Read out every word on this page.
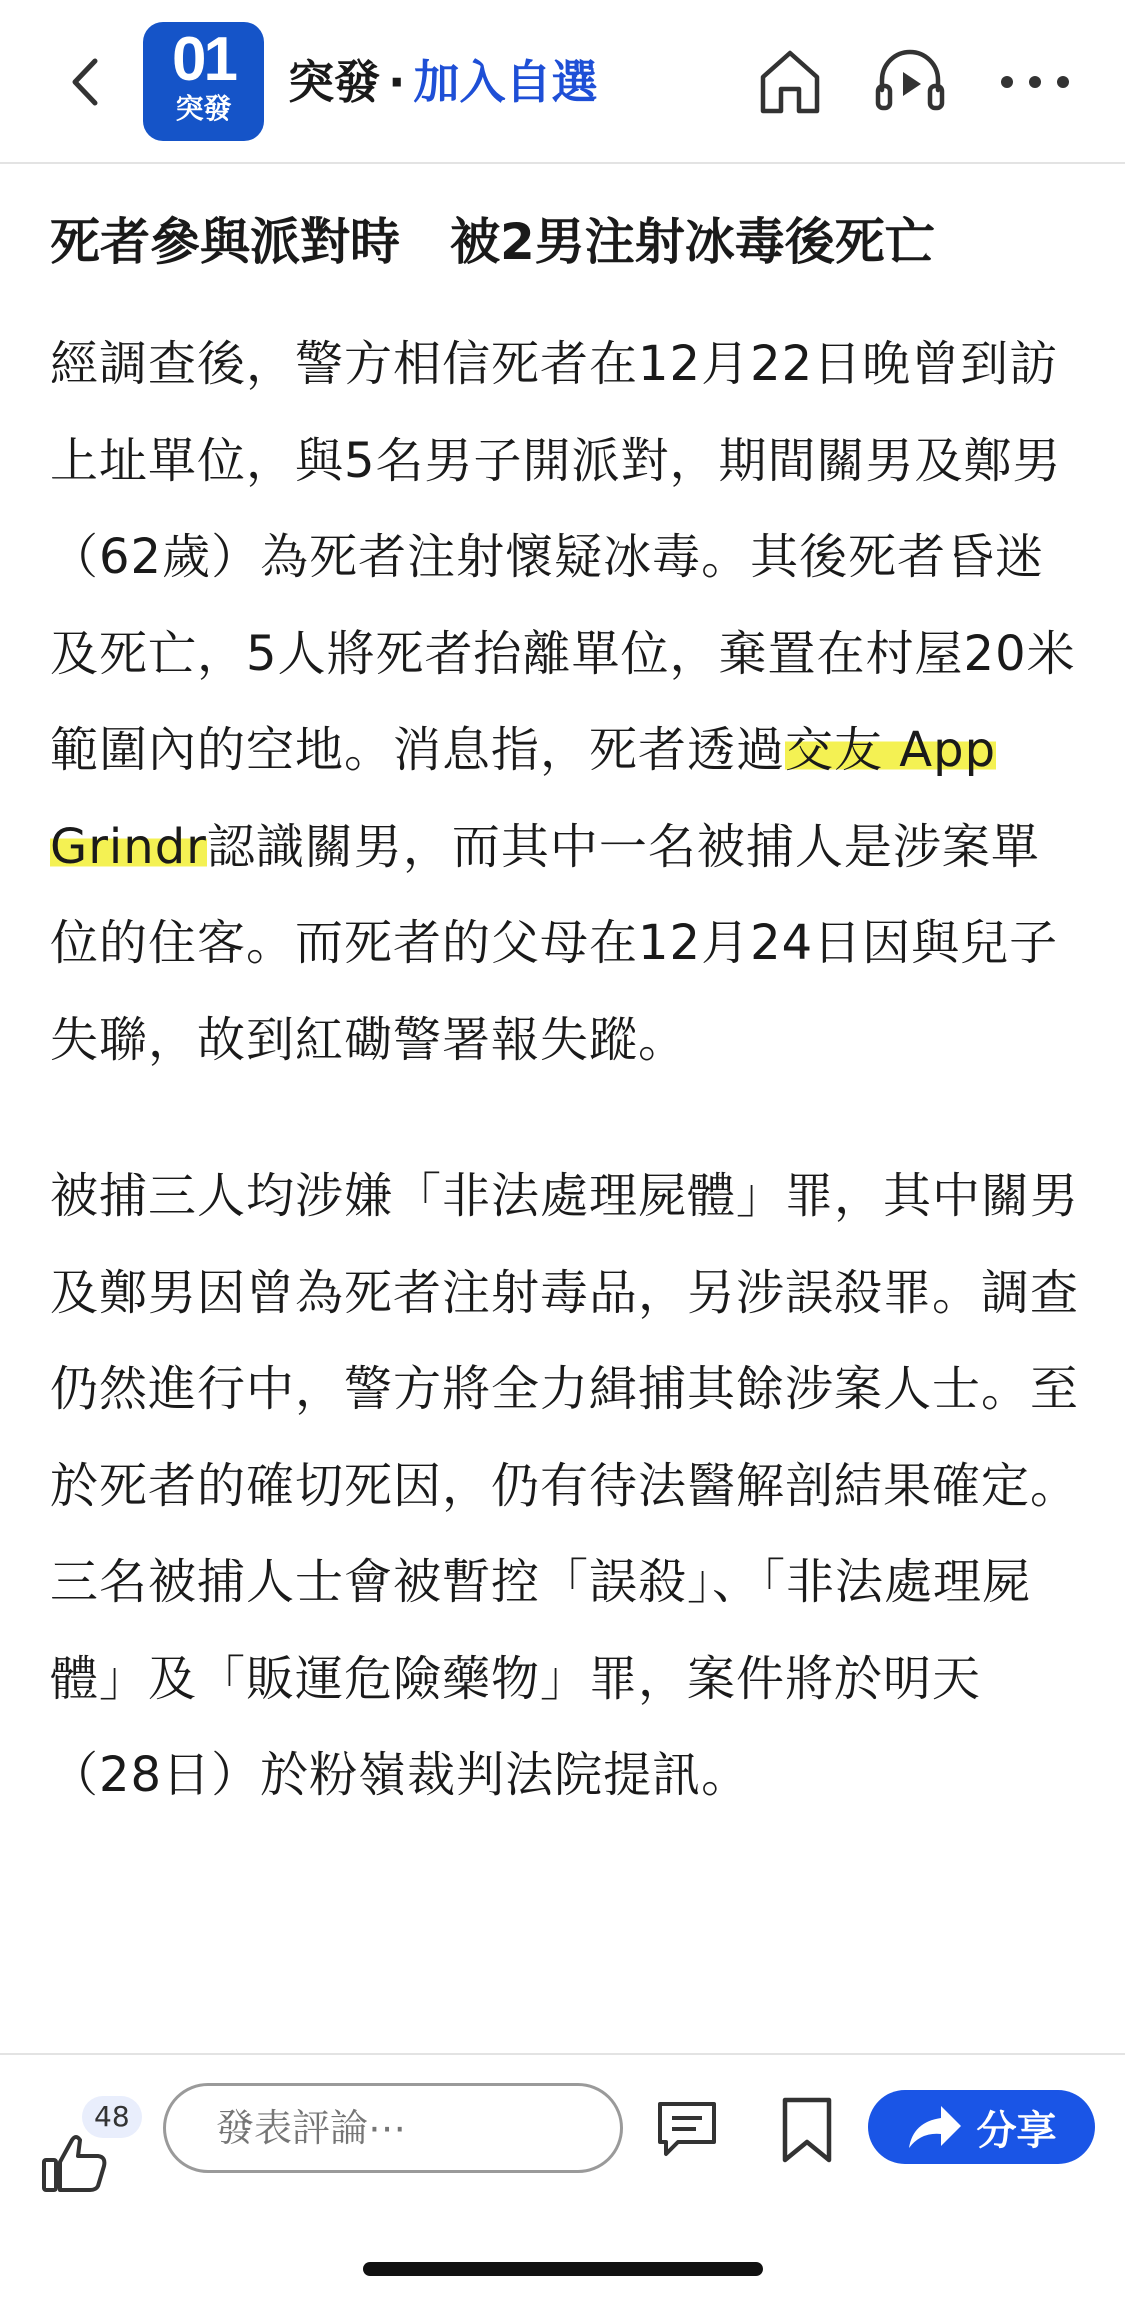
01
突發	突發 · 加入自選
死者參與派對時　被2男注射冰毒後死亡

經調查後，警方相信死者在12月22日晚曾到訪上址單位，與5名男子開派對，期間關男及鄭男（62歲）為死者注射懷疑冰毒。其後死者昏迷及死亡，5人將死者抬離單位，棄置在村屋20米範圍內的空地。消息指，死者透過交友 App Grindr認識關男，而其中一名被捕人是涉案單位的住客。而死者的父母在12月24日因與兒子失聯，故到紅磡警署報失蹤。

被捕三人均涉嫌「非法處理屍體」罪，其中關男及鄭男因曾為死者注射毒品，另涉誤殺罪。調查仍然進行中，警方將全力緝捕其餘涉案人士。至於死者的確切死因，仍有待法醫解剖結果確定。三名被捕人士會被暫控「誤殺」、「非法處理屍體」及「販運危險藥物」罪，案件將於明天（28日）於粉嶺裁判法院提訊。

48
發表評論⋯	分享
